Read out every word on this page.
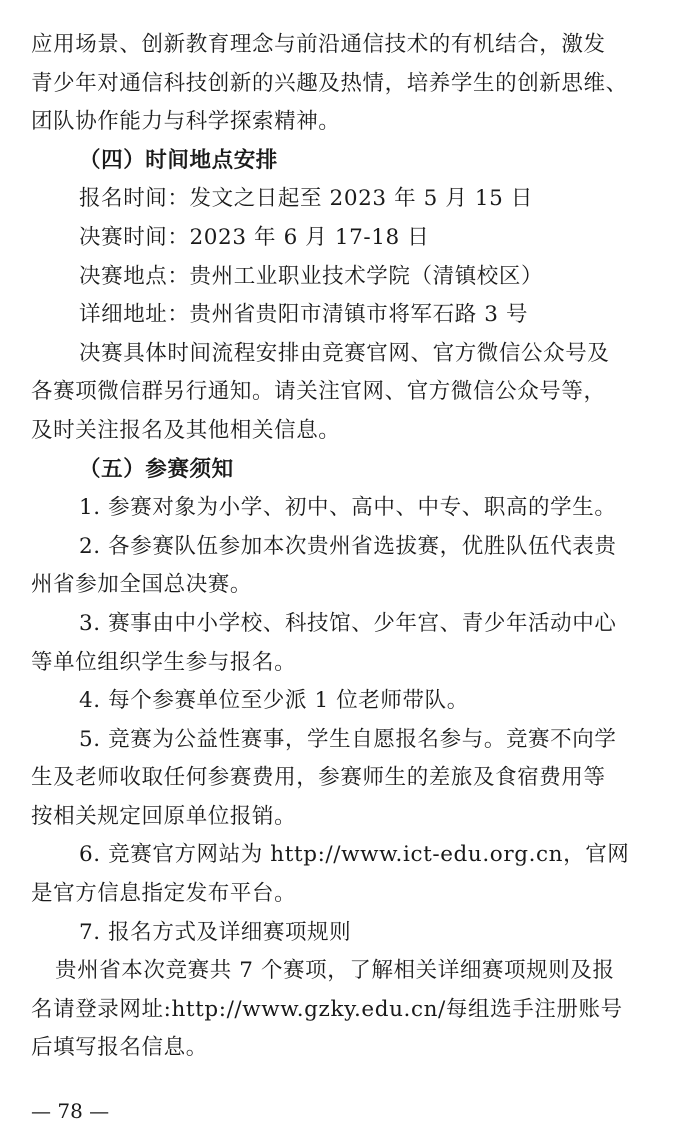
应用场景、创新教育理念与前沿通信技术的有机结合，激发
青少年对通信科技创新的兴趣及热情，培养学生的创新思维、
团队协作能力与科学探索精神。
（四）时间地点安排
报名时间：发文之日起至 2023 年 5 月 15 日
决赛时间：2023 年 6 月 17-18 日
决赛地点：贵州工业职业技术学院（清镇校区）
详细地址：贵州省贵阳市清镇市将军石路 3 号
决赛具体时间流程安排由竞赛官网、官方微信公众号及
各赛项微信群另行通知。请关注官网、官方微信公众号等，
及时关注报名及其他相关信息。
（五）参赛须知
1. 参赛对象为小学、初中、高中、中专、职高的学生。
2. 各参赛队伍参加本次贵州省选拔赛，优胜队伍代表贵
州省参加全国总决赛。
3. 赛事由中小学校、科技馆、少年宫、青少年活动中心
等单位组织学生参与报名。
4. 每个参赛单位至少派 1 位老师带队。
5. 竞赛为公益性赛事，学生自愿报名参与。竞赛不向学
生及老师收取任何参赛费用，参赛师生的差旅及食宿费用等
按相关规定回原单位报销。
6. 竞赛官方网站为 http://www.ict-edu.org.cn，官网
是官方信息指定发布平台。
7. 报名方式及详细赛项规则
贵州省本次竞赛共 7 个赛项，了解相关详细赛项规则及报
名请登录网址:http://www.gzky.edu.cn/每组选手注册账号
后填写报名信息。
— 78 —
